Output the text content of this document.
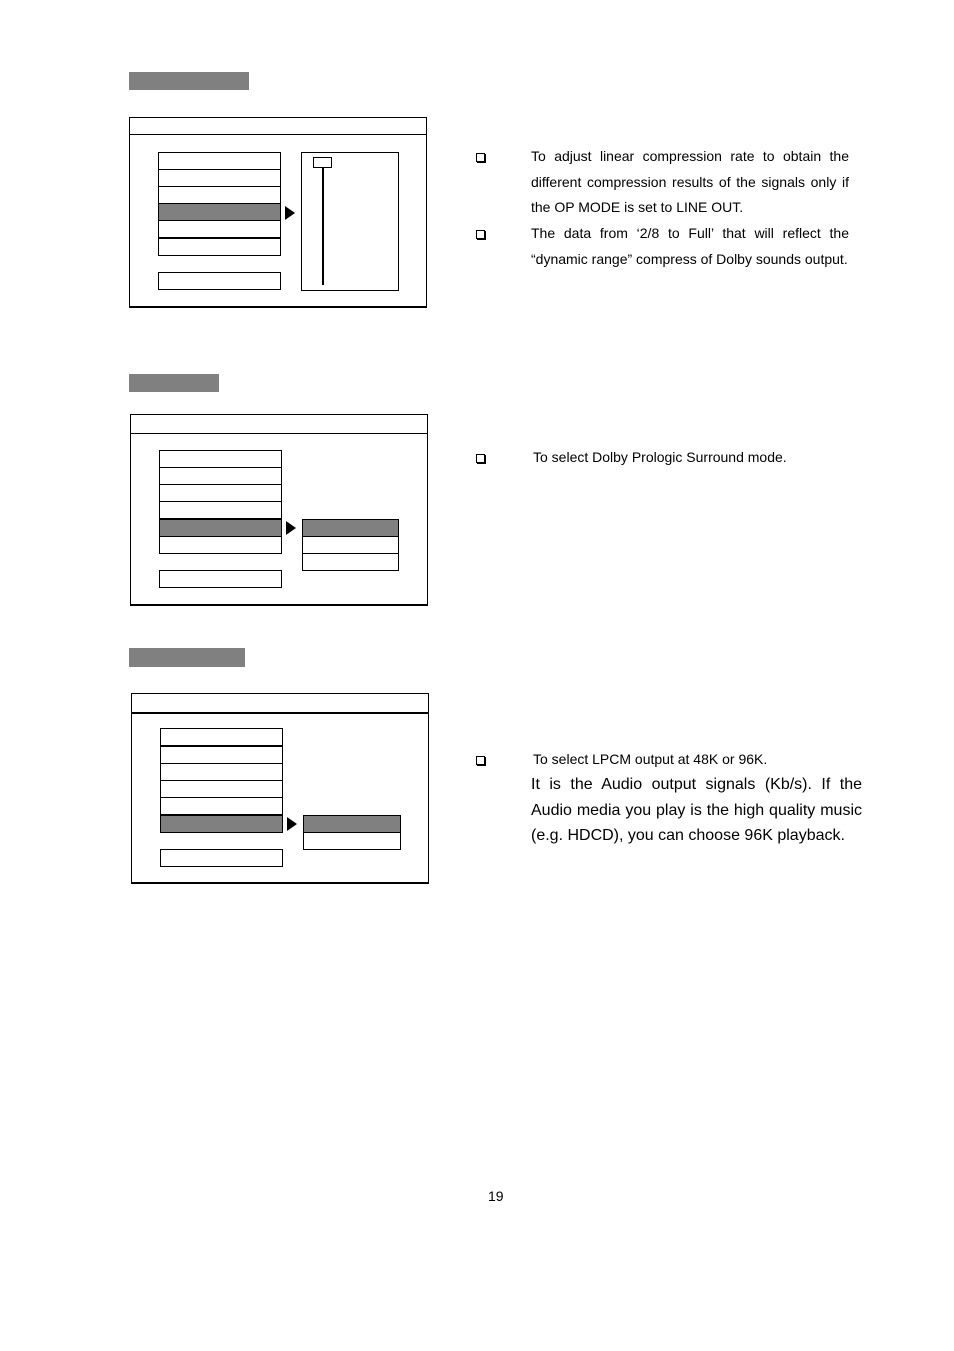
To adjust linear compression rate to obtain the different compression results of the signals only if the OP MODE is set to LINE OUT.
The data from ‘2/8 to Full’ that will reflect the “dynamic range” compress of Dolby sounds output.
To select Dolby Prologic Surround mode.
To select LPCM output at 48K or 96K.
It is the Audio output signals (Kb/s). If the Audio media you play is the high quality music (e.g. HDCD), you can choose 96K playback.
19
